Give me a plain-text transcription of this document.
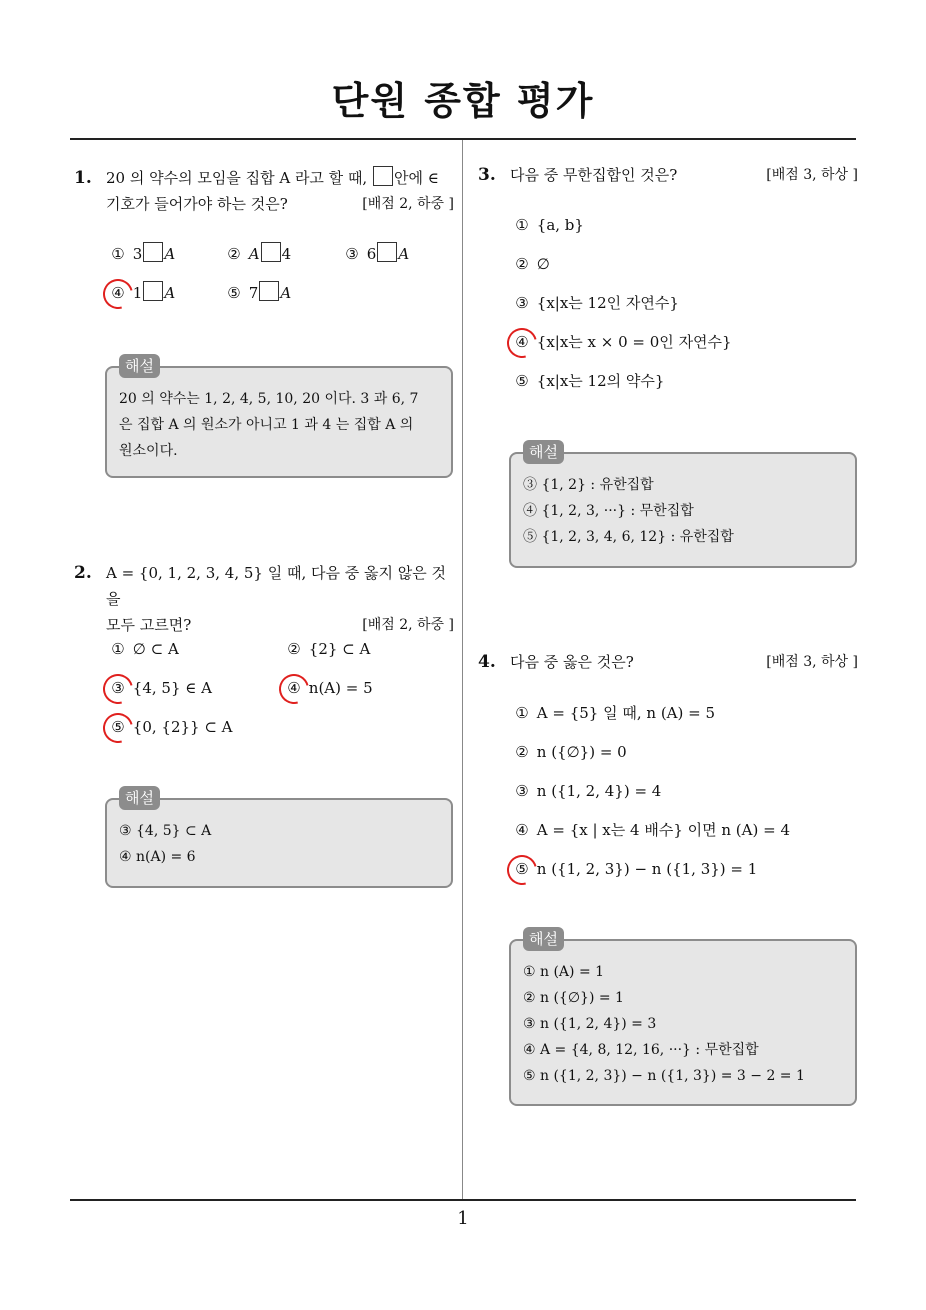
단원 종합 평가
1
1. 20 의 약수의 모임을 집합 A 라고 할 때, 안에 ∈
기호가 들어가야 하는 것은?	[배점 2, 하중 ]
① 3 A	② A 4	③ 6 A
④ 1 A	⑤ 7 A
해설
20 의 약수는 1, 2, 4, 5, 10, 20 이다. 3 과 6, 7
은 집합 A 의 원소가 아니고 1 과 4 는 집합 A 의
원소이다.
2. A = {0, 1, 2, 3, 4, 5} 일 때, 다음 중 옳지 않은 것을
모두 고르면?	[배점 2, 하중 ]
① ∅ ⊂ A	② {2} ⊂ A
③ {4, 5} ∈ A	④ n(A) = 5
⑤ {0, {2}} ⊂ A
해설
③ {4, 5} ⊂ A
④ n(A) = 6
3. 다음 중 무한집합인 것은?	[배점 3, 하상 ]
① {a, b}
② ∅
③ {x|x는 12인 자연수}
④ {x|x는 x × 0 = 0인 자연수}
⑤ {x|x는 12의 약수}
해설
③ {1, 2} : 유한집합
④ {1, 2, 3, ···} : 무한집합
⑤ {1, 2, 3, 4, 6, 12} : 유한집합
4. 다음 중 옳은 것은?	[배점 3, 하상 ]
① A = {5} 일 때, n (A) = 5
② n ({∅}) = 0
③ n ({1, 2, 4}) = 4
④ A = {x | x는 4 배수} 이면 n (A) = 4
⑤ n ({1, 2, 3}) − n ({1, 3}) = 1
해설
① n (A) = 1
② n ({∅}) = 1
③ n ({1, 2, 4}) = 3
④ A = {4, 8, 12, 16, ···} : 무한집합
⑤ n ({1, 2, 3}) − n ({1, 3}) = 3 − 2 = 1
